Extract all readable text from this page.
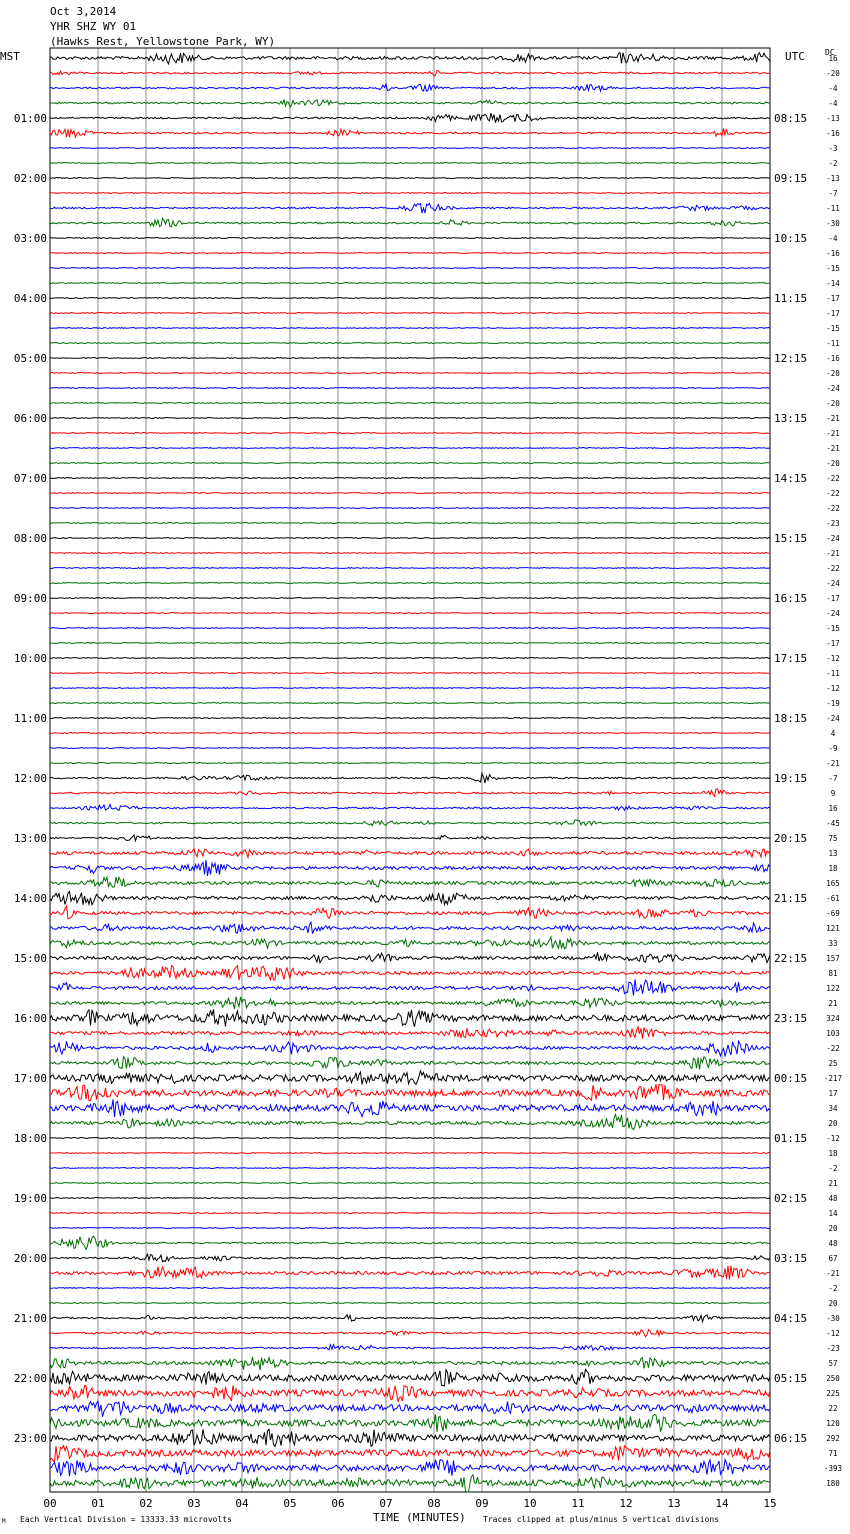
Oct 3,2014
YHR SHZ WY 01
(Hawks Rest, Yellowstone Park, WY)
MST	UTC	DC
16
-20
-4
-4
-13
-16
-3
-2
-13
-7
-11
-30
-4
-16
-15
-14
-17
-17
-15
-11
-16
-20
-24
-20
-21
-21
-21
-20
-22
-22
-22
-23
-24
-21
-22
-24
-17
-24
-15
-17
-12
-11
-12
-19
-24
4
-9
-21
-7
9
16
-45
75
13
18
165
-61
-69
121
33
157
81
122
21
324
103
-22
25
-217
17
34
20
-12
18
-2
21
48
14
20
48
67
-21
-2
20
-30
-12
-23
57
250
225
22
120
292
71
-393
180
01:00
02:00
03:00
04:00
05:00
06:00
07:00
08:00
09:00
10:00
11:00
12:00
13:00
14:00
15:00
16:00
17:00
18:00
19:00
20:00
21:00
22:00
23:00
08:15
09:15
10:15
11:15
12:15
13:15
14:15
15:15
16:15
17:15
18:15
19:15
20:15
21:15
22:15
23:15
00:15
01:15
02:15
03:15
04:15
05:15
06:15
00	01	02	03	04	05	06	07	08	09	10	11	12	13	14	15
Each Vertical Division = 13333.33 microvolts	TIME (MINUTES) Traces clipped at plus/minus 5 vertical divisions
M
